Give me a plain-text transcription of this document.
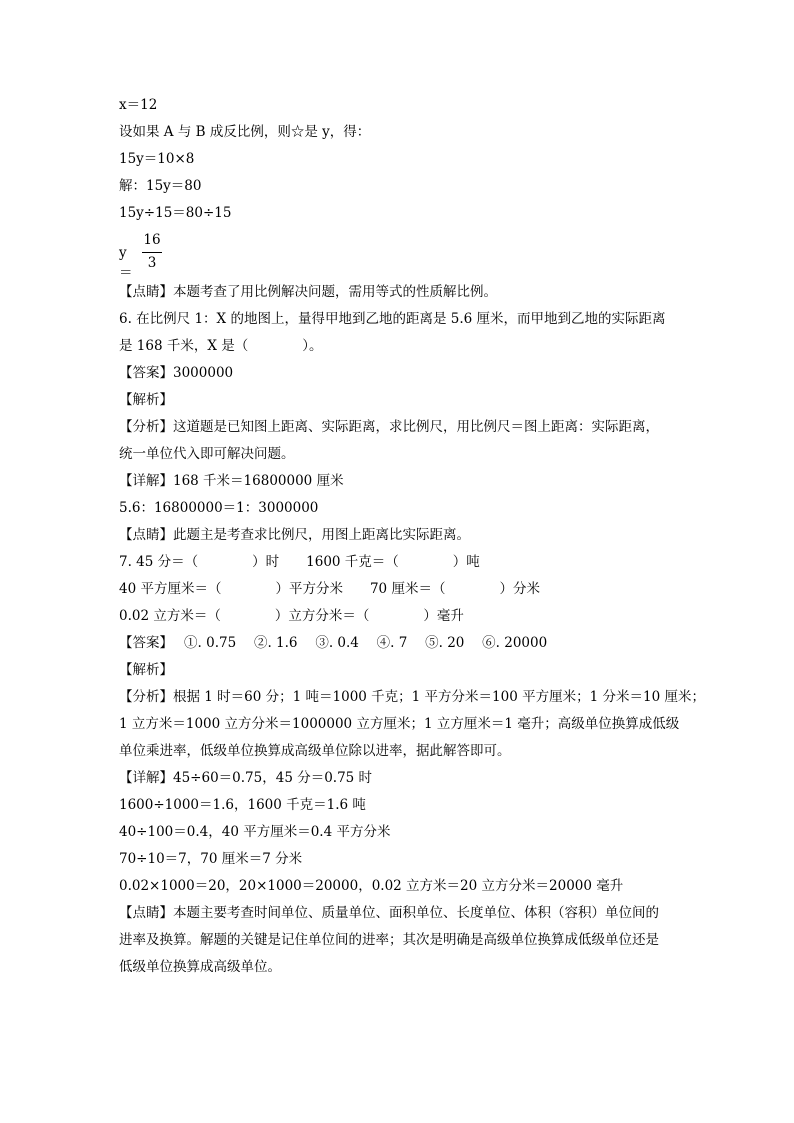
x＝12
设如果 A 与 B 成反比例，则☆是 y，得：
15y＝10×8
解：15y＝80
15y÷15＝80÷15
y＝
16
3
【点睛】本题考查了用比例解决问题，需用等式的性质解比例。
6. 在比例尺 1：X 的地图上，量得甲地到乙地的距离是 5.6 厘米，而甲地到乙地的实际距离
是 168 千米，X 是（　　　　）。
【答案】3000000
【解析】
【分析】这道题是已知图上距离、实际距离，求比例尺，用比例尺＝图上距离：实际距离，
统一单位代入即可解决问题。
【详解】168 千米＝16800000 厘米
5.6：16800000＝1：3000000
【点睛】此题主是考查求比例尺，用图上距离比实际距离。
7. 45 分＝（　　　　）时　　1600 千克＝（　　　　）吨
40 平方厘米＝（　　　　）平方分米　　70 厘米＝（　　　　）分米
0.02 立方米＝（　　　　）立方分米＝（　　　　）毫升
【答案】　 ①. 0.75　 ②. 1.6　 ③. 0.4　 ④. 7　 ⑤. 20　 ⑥. 20000
【解析】
【分析】根据 1 时＝60 分；1 吨＝1000 千克；1 平方分米＝100 平方厘米；1 分米＝10 厘米；
1 立方米＝1000 立方分米＝1000000 立方厘米；1 立方厘米＝1 毫升；高级单位换算成低级
单位乘进率，低级单位换算成高级单位除以进率，据此解答即可。
【详解】45÷60＝0.75，45 分＝0.75 时
1600÷1000＝1.6，1600 千克＝1.6 吨
40÷100＝0.4，40 平方厘米＝0.4 平方分米
70÷10＝7，70 厘米＝7 分米
0.02×1000＝20，20×1000＝20000，0.02 立方米＝20 立方分米＝20000 毫升
【点睛】本题主要考查时间单位、质量单位、面积单位、长度单位、体积（容积）单位间的
进率及换算。解题的关键是记住单位间的进率；其次是明确是高级单位换算成低级单位还是
低级单位换算成高级单位。
